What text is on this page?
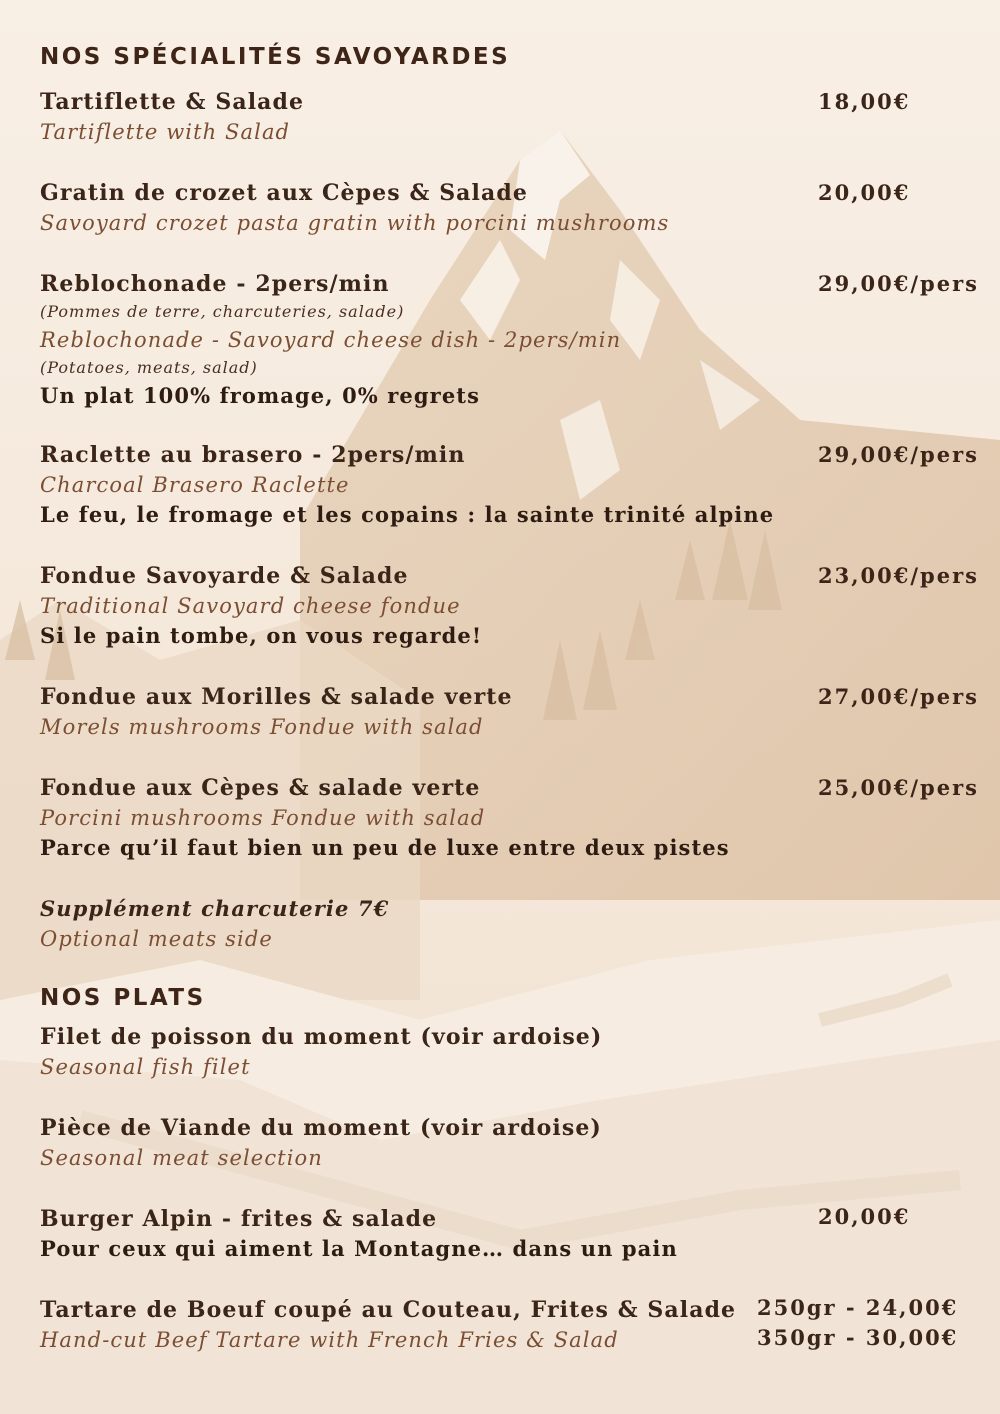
NOS SPÉCIALITÉS SAVOYARDES
Tartiflette & Salade
Tartiflette with Salad
18,00€
Gratin de crozet aux Cèpes & Salade
Savoyard crozet pasta gratin with porcini mushrooms
20,00€
Reblochonade - 2pers/min
(Pommes de terre, charcuteries, salade)
Reblochonade - Savoyard cheese dish - 2pers/min
(Potatoes, meats, salad)
Un plat 100% fromage, 0% regrets
29,00€/pers
Raclette au brasero - 2pers/min
Charcoal Brasero Raclette
Le feu, le fromage et les copains : la sainte trinité alpine
29,00€/pers
Fondue Savoyarde & Salade
Traditional Savoyard cheese fondue
Si le pain tombe, on vous regarde!
23,00€/pers
Fondue aux Morilles & salade verte
Morels mushrooms Fondue with salad
27,00€/pers
Fondue aux Cèpes & salade verte
Porcini mushrooms Fondue with salad
Parce qu’il faut bien un peu de luxe entre deux pistes
25,00€/pers
Supplément charcuterie 7€
Optional meats side
NOS PLATS
Filet de poisson du moment (voir ardoise)
Seasonal fish filet
Pièce de Viande du moment (voir ardoise)
Seasonal meat selection
Burger Alpin - frites & salade
Pour ceux qui aiment la Montagne… dans un pain
20,00€
Tartare de Boeuf coupé au Couteau, Frites & Salade
Hand-cut Beef Tartare with French Fries & Salad
250gr - 24,00€
350gr - 30,00€
